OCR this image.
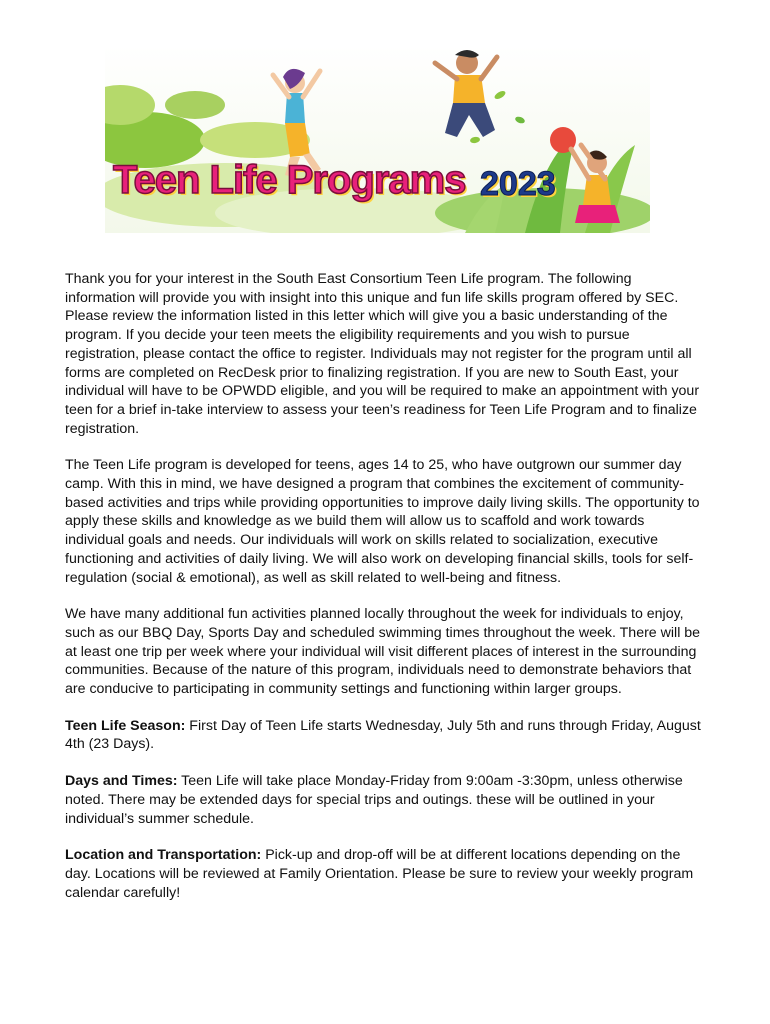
Teen Life Programs 2023

Thank you for your interest in the South East Consortium Teen Life program. The following information will provide you with insight into this unique and fun life skills program offered by SEC. Please review the information listed in this letter which will give you a basic understanding of the program. If you decide your teen meets the eligibility requirements and you wish to pursue registration, please contact the office to register. Individuals may not register for the program until all forms are completed on RecDesk prior to finalizing registration. If you are new to South East, your individual will have to be OPWDD eligible, and you will be required to make an appointment with your teen for a brief in-take interview to assess your teen’s readiness for Teen Life Program and to finalize registration.

The Teen Life program is developed for teens, ages 14 to 25, who have outgrown our summer day camp. With this in mind, we have designed a program that combines the excitement of community-based activities and trips while providing opportunities to improve daily living skills. The opportunity to apply these skills and knowledge as we build them will allow us to scaffold and work towards individual goals and needs. Our individuals will work on skills related to socialization, executive functioning and activities of daily living. We will also work on developing financial skills, tools for self-regulation (social & emotional), as well as skill related to well-being and fitness.

We have many additional fun activities planned locally throughout the week for individuals to enjoy, such as our BBQ Day, Sports Day and scheduled swimming times throughout the week. There will be at least one trip per week where your individual will visit different places of interest in the surrounding communities. Because of the nature of this program, individuals need to demonstrate behaviors that are conducive to participating in community settings and functioning within larger groups.

Teen Life Season: First Day of Teen Life starts Wednesday, July 5th and runs through Friday, August 4th (23 Days).

Days and Times: Teen Life will take place Monday-Friday from 9:00am -3:30pm, unless otherwise noted. There may be extended days for special trips and outings. these will be outlined in your individual’s summer schedule.

Location and Transportation: Pick-up and drop-off will be at different locations depending on the day. Locations will be reviewed at Family Orientation. Please be sure to review your weekly program calendar carefully!
